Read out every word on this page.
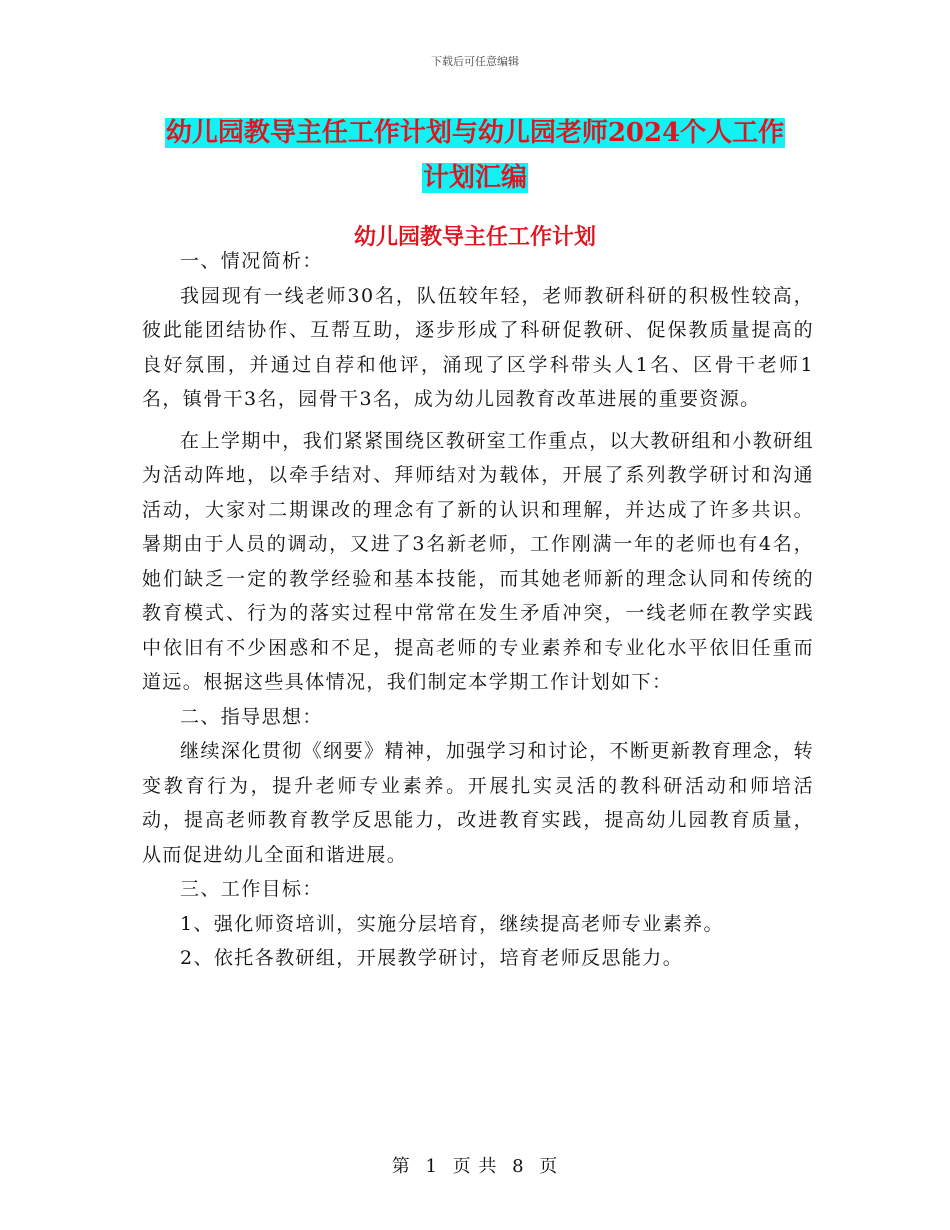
下载后可任意编辑
幼儿园教导主任工作计划与幼儿园老师2024个人工作
计划汇编
幼儿园教导主任工作计划

一、情况简析：

我园现有一线老师30名，队伍较年轻，老师教研科研的积极性较高，彼此能团结协作、互帮互助，逐步形成了科研促教研、促保教质量提高的良好氛围，并通过自荐和他评，涌现了区学科带头人1名、区骨干老师1名，镇骨干3名，园骨干3名，成为幼儿园教育改革进展的重要资源。

在上学期中，我们紧紧围绕区教研室工作重点，以大教研组和小教研组为活动阵地，以牵手结对、拜师结对为载体，开展了系列教学研讨和沟通活动，大家对二期课改的理念有了新的认识和理解，并达成了许多共识。暑期由于人员的调动，又进了3名新老师，工作刚满一年的老师也有4名，她们缺乏一定的教学经验和基本技能，而其她老师新的理念认同和传统的教育模式、行为的落实过程中常常在发生矛盾冲突，一线老师在教学实践中依旧有不少困惑和不足，提高老师的专业素养和专业化水平依旧任重而道远。根据这些具体情况，我们制定本学期工作计划如下：

二、指导思想：

继续深化贯彻《纲要》精神，加强学习和讨论，不断更新教育理念，转变教育行为，提升老师专业素养。开展扎实灵活的教科研活动和师培活动，提高老师教育教学反思能力，改进教育实践，提高幼儿园教育质量，从而促进幼儿全面和谐进展。

三、工作目标：

1、强化师资培训，实施分层培育，继续提高老师专业素养。

2、依托各教研组，开展教学研讨，培育老师反思能力。

第 1 页 共 8 页
